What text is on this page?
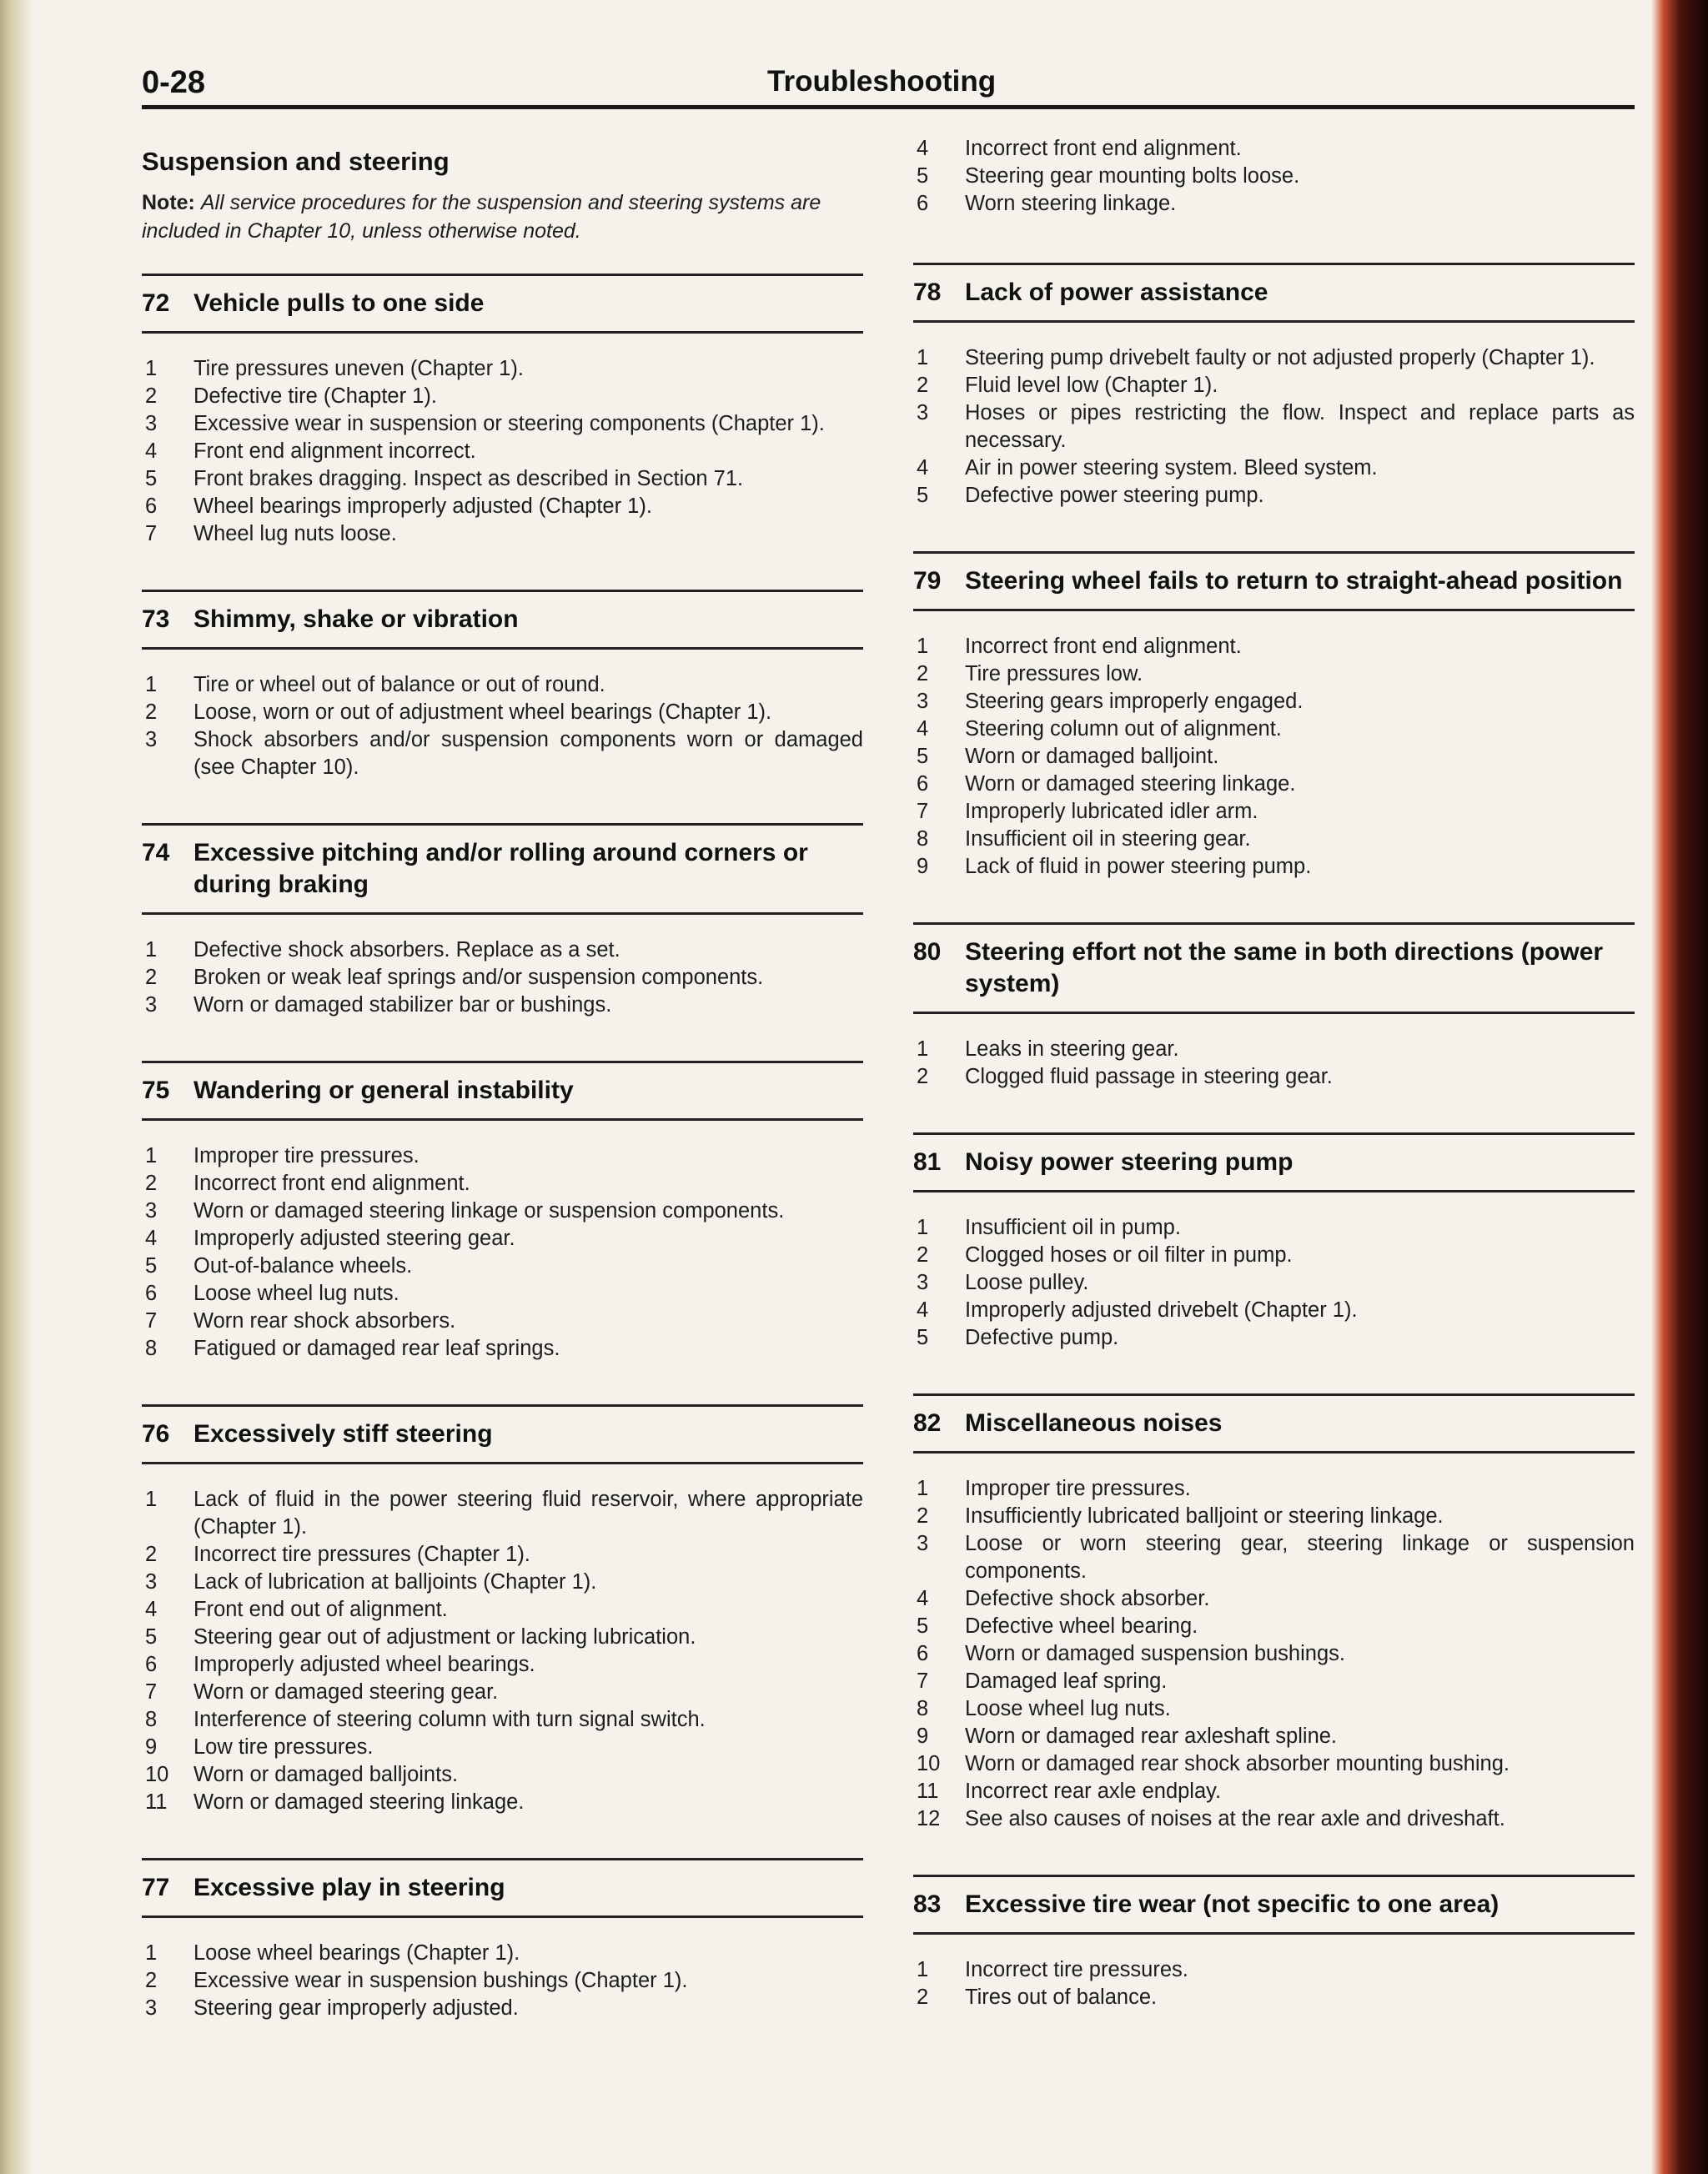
0-28	Troubleshooting
Suspension and steering
Note: All service procedures for the suspension and steering systems are included in Chapter 10, unless otherwise noted.
72 Vehicle pulls to one side
1	Tire pressures uneven (Chapter 1).
2	Defective tire (Chapter 1).
3	Excessive wear in suspension or steering components (Chapter 1).
4	Front end alignment incorrect.
5	Front brakes dragging. Inspect as described in Section 71.
6	Wheel bearings improperly adjusted (Chapter 1).
7	Wheel lug nuts loose.
73 Shimmy, shake or vibration
1	Tire or wheel out of balance or out of round.
2	Loose, worn or out of adjustment wheel bearings (Chapter 1).
3	Shock absorbers and/or suspension components worn or damaged (see Chapter 10).
74 Excessive pitching and/or rolling around corners or during braking
1	Defective shock absorbers. Replace as a set.
2	Broken or weak leaf springs and/or suspension components.
3	Worn or damaged stabilizer bar or bushings.
75 Wandering or general instability
1	Improper tire pressures.
2	Incorrect front end alignment.
3	Worn or damaged steering linkage or suspension components.
4	Improperly adjusted steering gear.
5	Out-of-balance wheels.
6	Loose wheel lug nuts.
7	Worn rear shock absorbers.
8	Fatigued or damaged rear leaf springs.
76 Excessively stiff steering
1	Lack of fluid in the power steering fluid reservoir, where appropriate (Chapter 1).
2	Incorrect tire pressures (Chapter 1).
3	Lack of lubrication at balljoints (Chapter 1).
4	Front end out of alignment.
5	Steering gear out of adjustment or lacking lubrication.
6	Improperly adjusted wheel bearings.
7	Worn or damaged steering gear.
8	Interference of steering column with turn signal switch.
9	Low tire pressures.
10	Worn or damaged balljoints.
11	Worn or damaged steering linkage.
77 Excessive play in steering
1	Loose wheel bearings (Chapter 1).
2	Excessive wear in suspension bushings (Chapter 1).
3	Steering gear improperly adjusted.
4	Incorrect front end alignment.
5	Steering gear mounting bolts loose.
6	Worn steering linkage.
78 Lack of power assistance
1	Steering pump drivebelt faulty or not adjusted properly (Chapter 1).
2	Fluid level low (Chapter 1).
3	Hoses or pipes restricting the flow. Inspect and replace parts as necessary.
4	Air in power steering system. Bleed system.
5	Defective power steering pump.
79 Steering wheel fails to return to straight-ahead position
1	Incorrect front end alignment.
2	Tire pressures low.
3	Steering gears improperly engaged.
4	Steering column out of alignment.
5	Worn or damaged balljoint.
6	Worn or damaged steering linkage.
7	Improperly lubricated idler arm.
8	Insufficient oil in steering gear.
9	Lack of fluid in power steering pump.
80 Steering effort not the same in both directions (power system)
1	Leaks in steering gear.
2	Clogged fluid passage in steering gear.
81 Noisy power steering pump
1	Insufficient oil in pump.
2	Clogged hoses or oil filter in pump.
3	Loose pulley.
4	Improperly adjusted drivebelt (Chapter 1).
5	Defective pump.
82 Miscellaneous noises
1	Improper tire pressures.
2	Insufficiently lubricated balljoint or steering linkage.
3	Loose or worn steering gear, steering linkage or suspension components.
4	Defective shock absorber.
5	Defective wheel bearing.
6	Worn or damaged suspension bushings.
7	Damaged leaf spring.
8	Loose wheel lug nuts.
9	Worn or damaged rear axleshaft spline.
10	Worn or damaged rear shock absorber mounting bushing.
11	Incorrect rear axle endplay.
12	See also causes of noises at the rear axle and driveshaft.
83 Excessive tire wear (not specific to one area)
1	Incorrect tire pressures.
2	Tires out of balance.
